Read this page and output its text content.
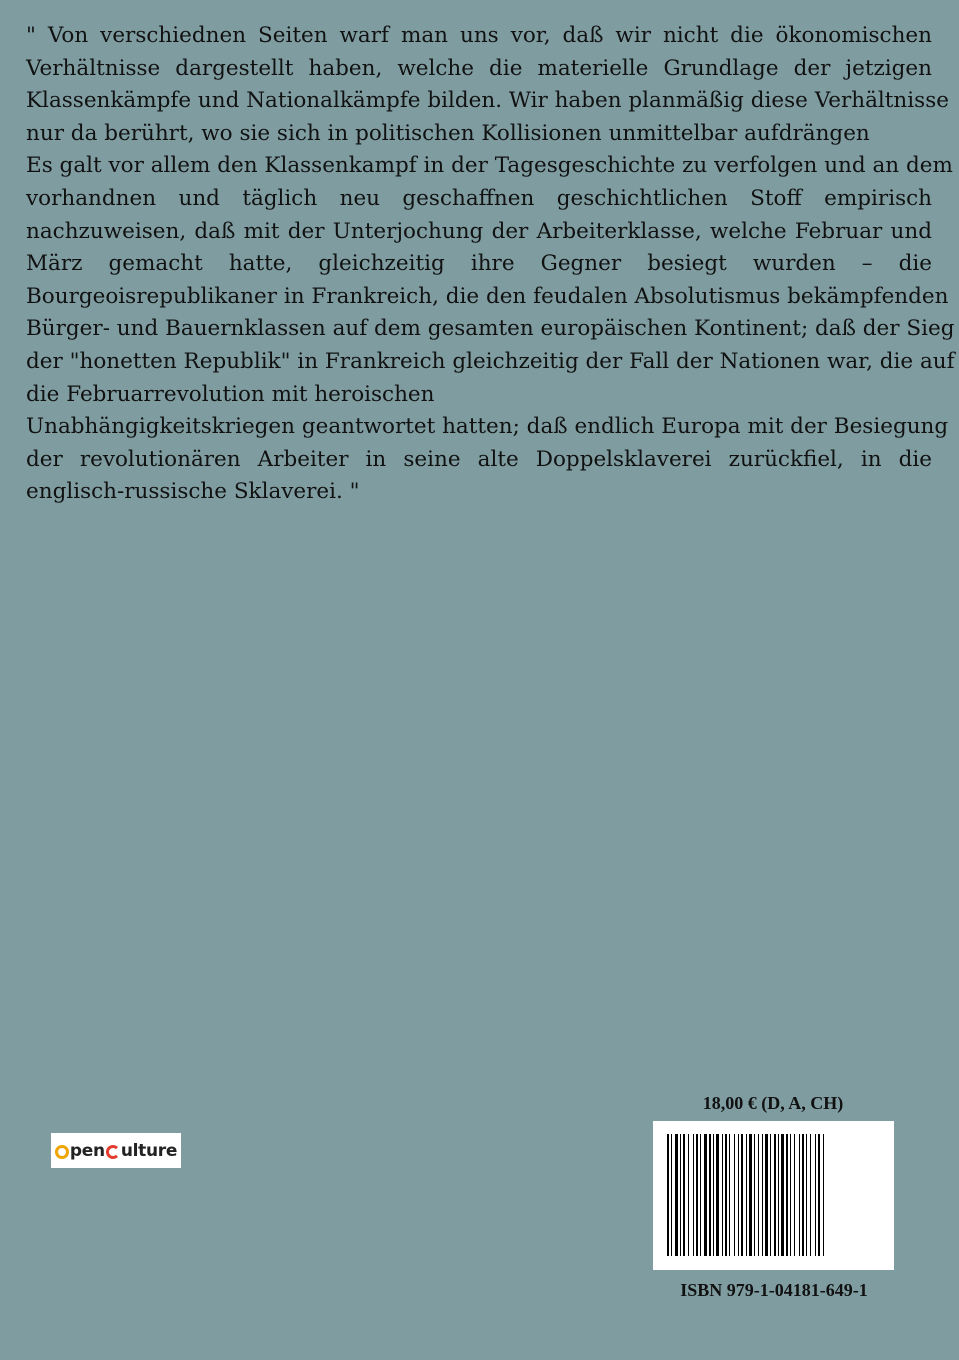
" Von verschiednen Seiten warf man uns vor, daß wir nicht die ökonomischen
Verhältnisse dargestellt haben, welche die materielle Grundlage der jetzigen
Klassenkämpfe und Nationalkämpfe bilden. Wir haben planmäßig diese Verhältnisse
nur da berührt, wo sie sich in politischen Kollisionen unmittelbar aufdrängen
Es galt vor allem den Klassenkampf in der Tagesgeschichte zu verfolgen und an dem
vorhandnen und täglich neu geschaffnen geschichtlichen Stoff empirisch
nachzuweisen, daß mit der Unterjochung der Arbeiterklasse, welche Februar und
März gemacht hatte, gleichzeitig ihre Gegner besiegt wurden – die
Bourgeoisrepublikaner in Frankreich, die den feudalen Absolutismus bekämpfenden
Bürger- und Bauernklassen auf dem gesamten europäischen Kontinent; daß der Sieg
der "honetten Republik" in Frankreich gleichzeitig der Fall der Nationen war, die auf
die Februarrevolution mit heroischen
Unabhängigkeitskriegen geantwortet hatten; daß endlich Europa mit der Besiegung
der revolutionären Arbeiter in seine alte Doppelsklaverei zurückfiel, in die
englisch-russische Sklaverei. "
pen ulture
18,00 € (D, A, CH)
ISBN 979-1-04181-649-1
